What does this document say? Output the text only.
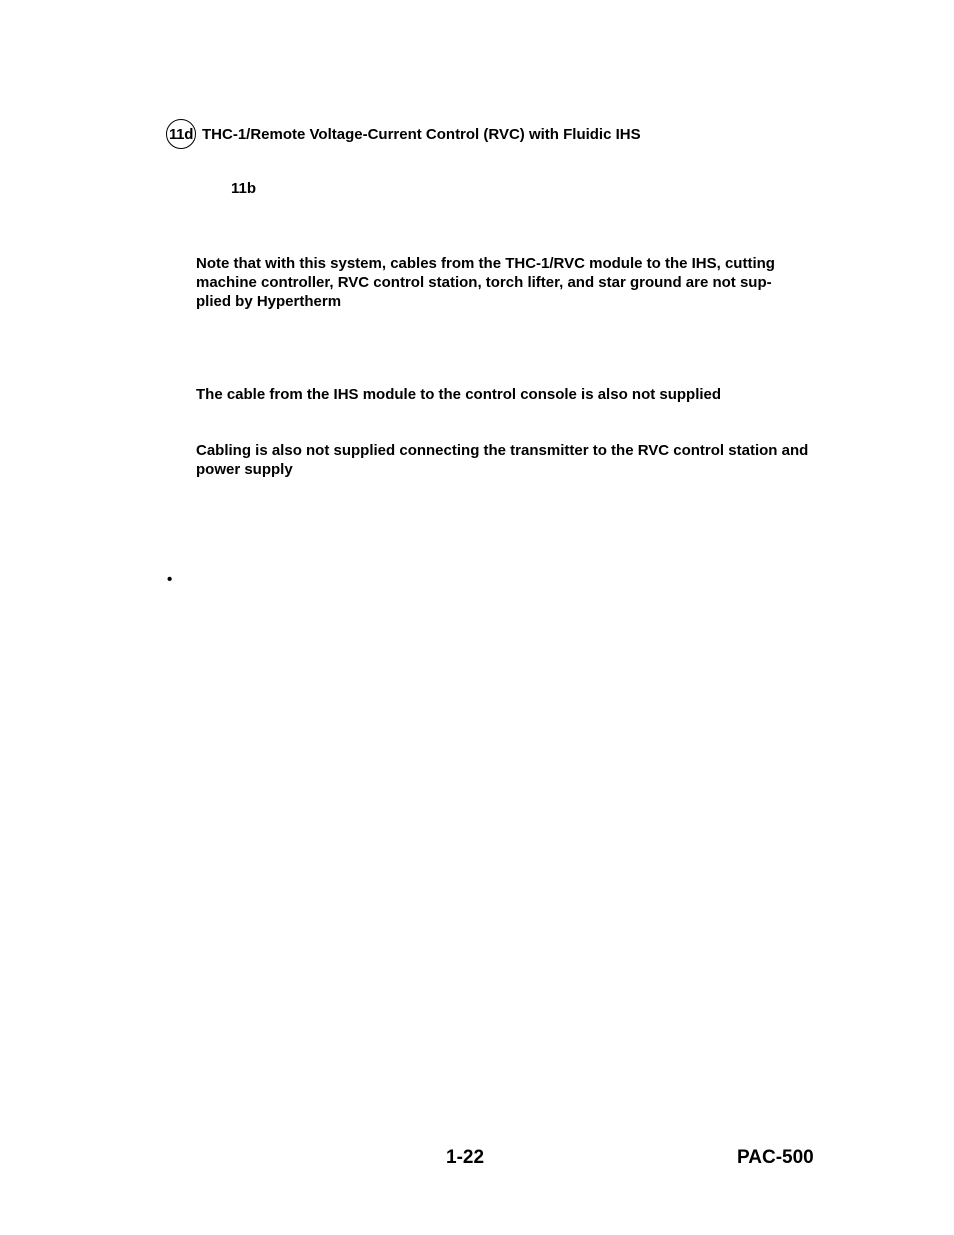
11d THC-1/Remote Voltage-Current Control (RVC) with Fluidic IHS
11b
Note that with this system, cables from the THC-1/RVC module to the IHS, cutting machine controller, RVC control station, torch lifter, and star ground are not sup-
plied by Hypertherm
The cable from the IHS module to the control console is also not supplied
Cabling is also not supplied connecting the transmitter to the RVC control station and power supply
•
1-22	PAC-500
